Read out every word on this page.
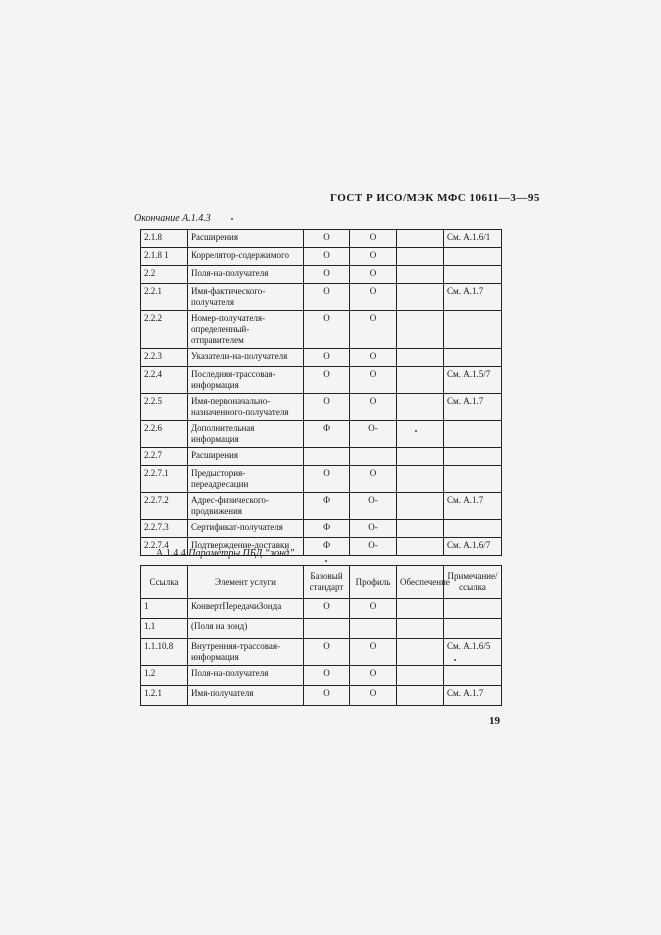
ГОСТ Р ИСО/МЭК МФС 10611—3—95
Окончание А.1.4.3
2.1.8	Расширения	О	О		См. А.1.6/1
2.1.8 1	Коррелятор-содержимого	О	О		
2.2	Поля-на-получателя	О	О		
2.2.1	Имя-фактического-получателя	О	О		См. А.1.7
2.2.2	Номер-получателя-определенный-отправителем	О	О		
2.2.3	Указатели-на-получателя	О	О		
2.2.4	Последняя-трассовая-информация	О	О		См. А.1.5/7
2.2.5	Имя-первоначально-назначенного-получателя	О	О		См. А.1.7
2.2.6	Дополнительная информация	Ф	О-		
2.2.7	Расширения				
2.2.7.1	Предыстория-переадресации	О	О		
2.2.7.2	Адрес-физического-продвижения	Ф	О-		См. А.1.7
2.2.7.3	Сертификат-получателя	Ф	О-		
2.2.7.4	Подтверждение-доставки	Ф	О-		См. А.1.6/7
А.1.4.4 Параметры ПБД “зонд”
Ссылка	Элемент услуги	Базовый стандарт	Профиль	Обеспечение	Примечание/ ссылка
1	КонвертПередачиЗонда	О	О		
1.1	(Поля на зонд)				
1.1.10.8	Внутренняя-трассовая-информация	О	О		См. А.1.6/5
1.2	Поля-на-получателя	О	О		
1.2.1	Имя-получателя	О	О		См. А.1.7
19
